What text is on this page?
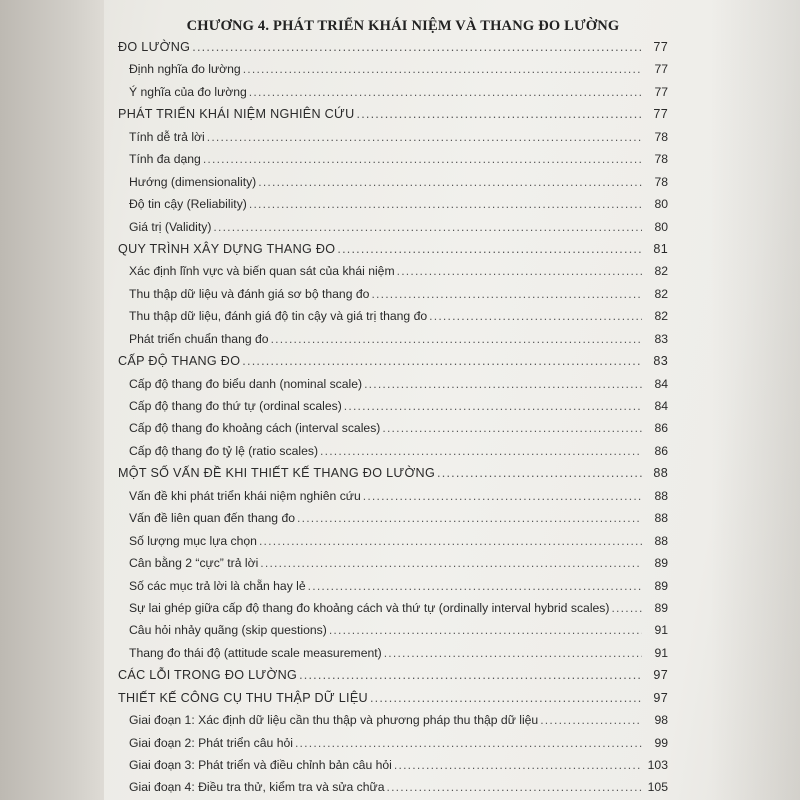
CHƯƠNG 4. PHÁT TRIỂN KHÁI NIỆM VÀ THANG ĐO LƯỜNG
ĐO LƯỜNG .....	77
Định nghĩa đo lường .....	77
Ý nghĩa của đo lường .....	77
PHÁT TRIỂN KHÁI NIỆM NGHIÊN CỨU .....	77
Tính dễ trả lời .....	78
Tính đa dạng .....	78
Hướng (dimensionality) .....	78
Độ tin cậy (Reliability) .....	80
Giá trị (Validity) .....	80
QUY TRÌNH XÂY DỰNG THANG ĐO .....	81
Xác định lĩnh vực và biến quan sát của khái niệm .....	82
Thu thập dữ liệu và đánh giá sơ bộ thang đo .....	82
Thu thập dữ liệu, đánh giá độ tin cậy và giá trị thang đo .....	82
Phát triển chuẩn thang đo .....	83
CẤP ĐỘ THANG ĐO .....	83
Cấp độ thang đo biểu danh (nominal scale) .....	84
Cấp độ thang đo thứ tự (ordinal scales) .....	84
Cấp độ thang đo khoảng cách (interval scales) .....	86
Cấp độ thang đo tỷ lệ (ratio scales) .....	86
MỘT SỐ VẤN ĐỀ KHI THIẾT KẾ THANG ĐO LƯỜNG .....	88
Vấn đề khi phát triển khái niệm nghiên cứu .....	88
Vấn đề liên quan đến thang đo .....	88
Số lượng mục lựa chọn .....	88
Cân bằng 2 “cực” trả lời .....	89
Số các mục trả lời là chẵn hay lẻ .....	89
Sự lai ghép giữa cấp độ thang đo khoảng cách và thứ tự (ordinally interval hybrid scales) .....	89
Câu hỏi nhảy quãng (skip questions) .....	91
Thang đo thái độ (attitude scale measurement) .....	91
CÁC LỖI TRONG ĐO LƯỜNG .....	97
THIẾT KẾ CÔNG CỤ THU THẬP DỮ LIỆU .....	97
Giai đoạn 1: Xác định dữ liệu cần thu thập và phương pháp thu thập dữ liệu .....	98
Giai đoạn 2: Phát triển câu hỏi .....	99
Giai đoạn 3: Phát triển và điều chỉnh bản câu hỏi .....	103
Giai đoạn 4: Điều tra thử, kiểm tra và sửa chữa .....	105
